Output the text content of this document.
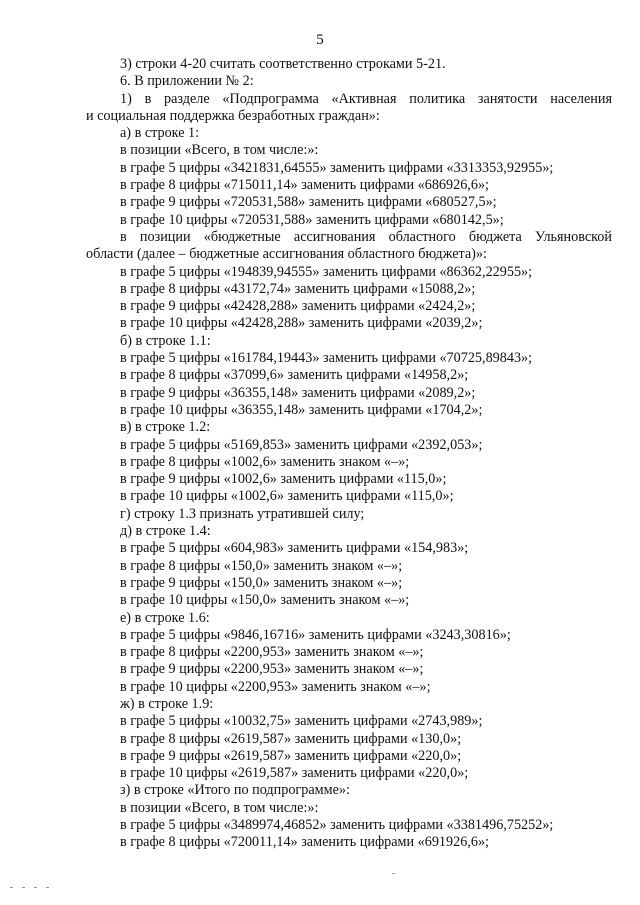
5
3) строки 4-20 считать соответственно строками 5-21.
6. В приложении № 2:
1) в разделе «Подпрограмма «Активная политика занятости населения
и социальная поддержка безработных граждан»:
а) в строке 1:
в позиции «Всего, в том числе:»:
в графе 5 цифры «3421831,64555» заменить цифрами «3313353,92955»;
в графе 8 цифры «715011,14» заменить цифрами «686926,6»;
в графе 9 цифры «720531,588» заменить цифрами «680527,5»;
в графе 10 цифры «720531,588» заменить цифрами «680142,5»;
в позиции «бюджетные ассигнования областного бюджета Ульяновской
области (далее – бюджетные ассигнования областного бюджета)»:
в графе 5 цифры «194839,94555» заменить цифрами «86362,22955»;
в графе 8 цифры «43172,74» заменить цифрами «15088,2»;
в графе 9 цифры «42428,288» заменить цифрами «2424,2»;
в графе 10 цифры «42428,288» заменить цифрами «2039,2»;
б) в строке 1.1:
в графе 5 цифры «161784,19443» заменить цифрами «70725,89843»;
в графе 8 цифры «37099,6» заменить цифрами «14958,2»;
в графе 9 цифры «36355,148» заменить цифрами «2089,2»;
в графе 10 цифры «36355,148» заменить цифрами «1704,2»;
в) в строке 1.2:
в графе 5 цифры «5169,853» заменить цифрами «2392,053»;
в графе 8 цифры «1002,6» заменить знаком «–»;
в графе 9 цифры «1002,6» заменить цифрами «115,0»;
в графе 10 цифры «1002,6» заменить цифрами «115,0»;
г) строку 1.3 признать утратившей силу;
д) в строке 1.4:
в графе 5 цифры «604,983» заменить цифрами «154,983»;
в графе 8 цифры «150,0» заменить знаком «–»;
в графе 9 цифры «150,0» заменить знаком «–»;
в графе 10 цифры «150,0» заменить знаком «–»;
е) в строке 1.6:
в графе 5 цифры «9846,16716» заменить цифрами «3243,30816»;
в графе 8 цифры «2200,953» заменить знаком «–»;
в графе 9 цифры «2200,953» заменить знаком «–»;
в графе 10 цифры «2200,953» заменить знаком «–»;
ж) в строке 1.9:
в графе 5 цифры «10032,75» заменить цифрами «2743,989»;
в графе 8 цифры «2619,587» заменить цифрами «130,0»;
в графе 9 цифры «2619,587» заменить цифрами «220,0»;
в графе 10 цифры «2619,587» заменить цифрами «220,0»;
з) в строке «Итого по подпрограмме»:
в позиции «Всего, в том числе:»:
в графе 5 цифры «3489974,46852» заменить цифрами «3381496,75252»;
в графе 8 цифры «720011,14» заменить цифрами «691926,6»;
